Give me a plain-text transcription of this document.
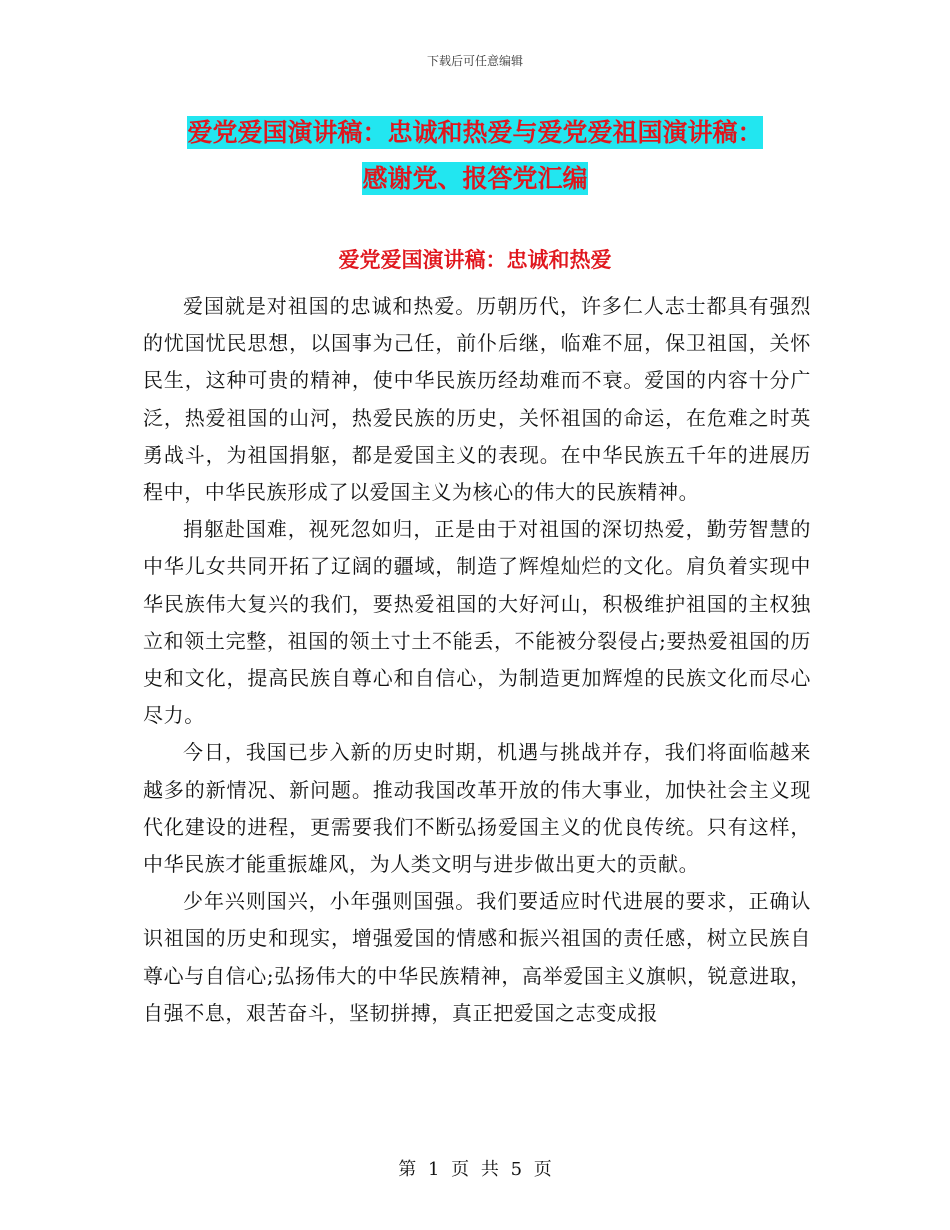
下载后可任意编辑
爱党爱国演讲稿：忠诚和热爱与爱党爱祖国演讲稿：
感谢党、报答党汇编
爱党爱国演讲稿：忠诚和热爱

爱国就是对祖国的忠诚和热爱。历朝历代，许多仁人志士都具有强烈的忧国忧民思想，以国事为己任，前仆后继，临难不屈，保卫祖国，关怀民生，这种可贵的精神，使中华民族历经劫难而不衰。爱国的内容十分广泛，热爱祖国的山河，热爱民族的历史，关怀祖国的命运，在危难之时英勇战斗，为祖国捐躯，都是爱国主义的表现。在中华民族五千年的进展历程中，中华民族形成了以爱国主义为核心的伟大的民族精神。

捐躯赴国难，视死忽如归，正是由于对祖国的深切热爱，勤劳智慧的中华儿女共同开拓了辽阔的疆域，制造了辉煌灿烂的文化。肩负着实现中华民族伟大复兴的我们，要热爱祖国的大好河山，积极维护祖国的主权独立和领土完整，祖国的领土寸土不能丢，不能被分裂侵占;要热爱祖国的历史和文化，提高民族自尊心和自信心，为制造更加辉煌的民族文化而尽心尽力。

今日，我国已步入新的历史时期，机遇与挑战并存，我们将面临越来越多的新情况、新问题。推动我国改革开放的伟大事业，加快社会主义现代化建设的进程，更需要我们不断弘扬爱国主义的优良传统。只有这样，中华民族才能重振雄风，为人类文明与进步做出更大的贡献。

少年兴则国兴，小年强则国强。我们要适应时代进展的要求，正确认识祖国的历史和现实，增强爱国的情感和振兴祖国的责任感，树立民族自尊心与自信心;弘扬伟大的中华民族精神，高举爱国主义旗帜，锐意进取，自强不息，艰苦奋斗，坚韧拼搏，真正把爱国之志变成报

第 1 页 共 5 页
